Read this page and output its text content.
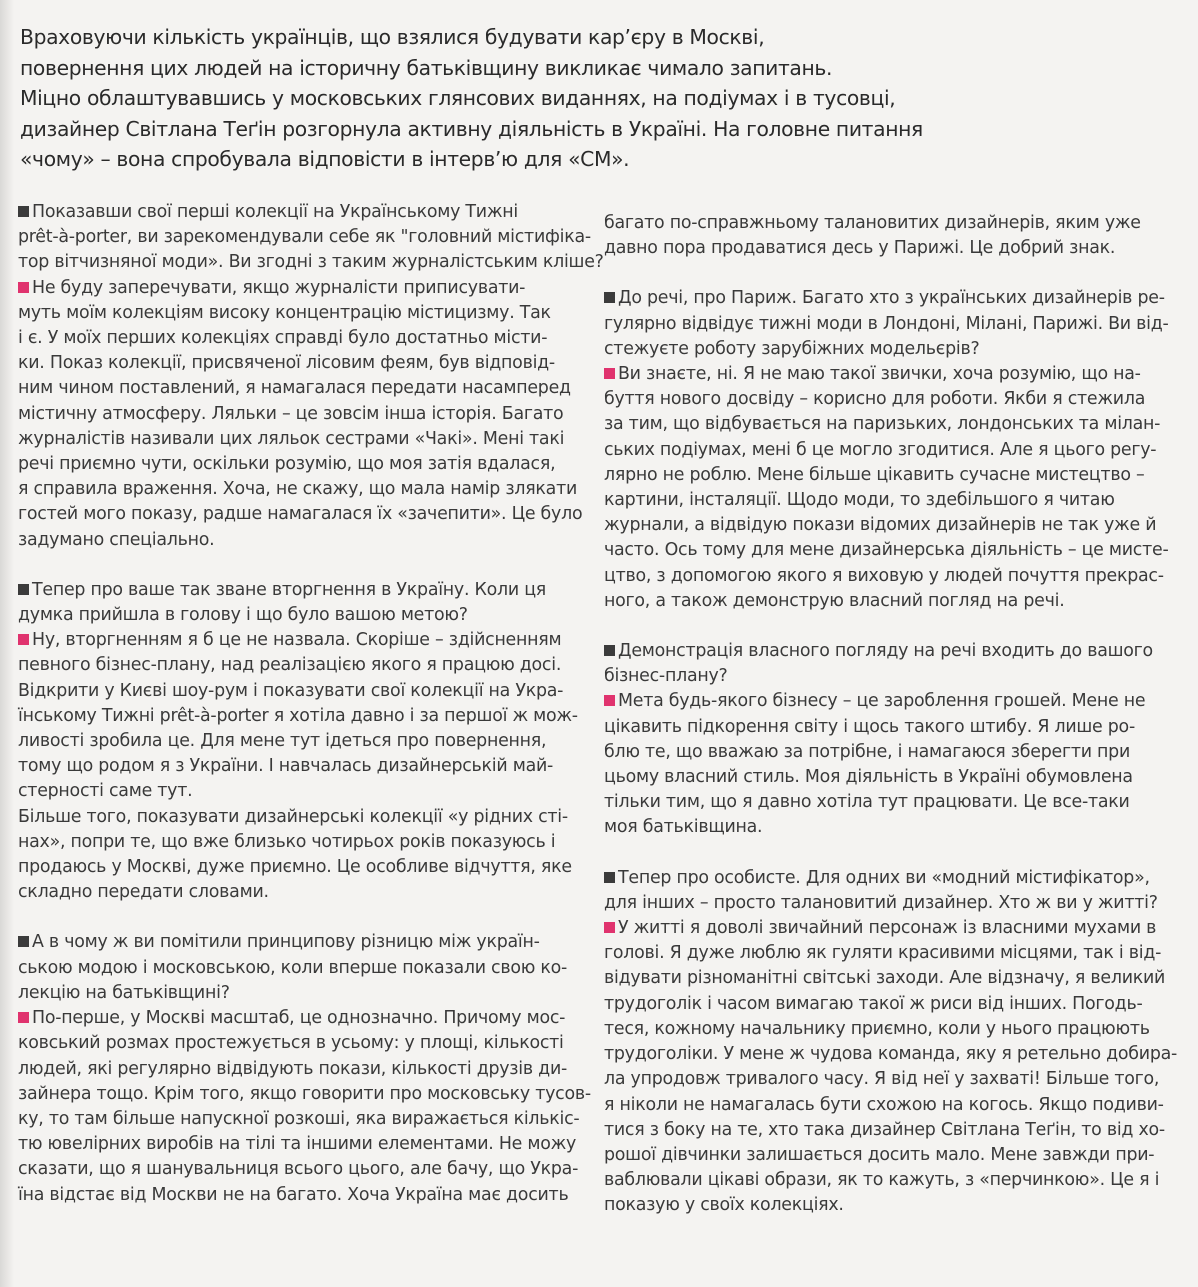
Враховуючи кількість українців, що взялися будувати кар’єру в Москві,
повернення цих людей на історичну батьківщину викликає чимало запитань.
Міцно облаштувавшись у московських глянсових виданнях, на подіумах і в тусовці,
дизайнер Світлана Теґін розгорнула активну діяльність в Україні. На головне питання
«чому» – вона спробувала відповісти в інтерв’ю для «СМ».
Показавши свої перші колекції на Українському Тижні
prêt-à-porter, ви зарекомендували себе як "головний містифіка-
тор вітчизняної моди». Ви згодні з таким журналістським кліше?
Не буду заперечувати, якщо журналісти приписувати-
муть моїм колекціям високу концентрацію містицизму. Так
і є. У моїх перших колекціях справді було достатньо місти-
ки. Показ колекції, присвяченої лісовим феям, був відповід-
ним чином поставлений, я намагалася передати насамперед
містичну атмосферу. Ляльки – це зовсім інша історія. Багато
журналістів називали цих ляльок сестрами «Чакі». Мені такі
речі приємно чути, оскільки розумію, що моя затія вдалася,
я справила враження. Хоча, не скажу, що мала намір злякати
гостей мого показу, радше намагалася їх «зачепити». Це було
задумано спеціально.
Тепер про ваше так зване вторгнення в Україну. Коли ця
думка прийшла в голову і що було вашою метою?
Ну, вторгненням я б це не назвала. Скоріше – здійсненням
певного бізнес-плану, над реалізацією якого я працюю досі.
Відкрити у Києві шоу-рум і показувати свої колекції на Укра-
їнському Тижні prêt-à-porter я хотіла давно і за першої ж мож-
ливості зробила це. Для мене тут ідеться про повернення,
тому що родом я з України. І навчалась дизайнерській май-
стерності саме тут.
Більше того, показувати дизайнерські колекції «у рідних сті-
нах», попри те, що вже близько чотирьох років показуюсь і
продаюсь у Москві, дуже приємно. Це особливе відчуття, яке
складно передати словами.
А в чому ж ви помітили принципову різницю між україн-
ською модою і московською, коли вперше показали свою ко-
лекцію на батьківщині?
По-перше, у Москві масштаб, це однозначно. Причому мос-
ковський розмах простежується в усьому: у площі, кількості
людей, які регулярно відвідують покази, кількості друзів ди-
зайнера тощо. Крім того, якщо говорити про московську тусов-
ку, то там більше напускної розкоші, яка виражається кількіс-
тю ювелірних виробів на тілі та іншими елементами. Не можу
сказати, що я шанувальниця всього цього, але бачу, що Укра-
їна відстає від Москви не на багато. Хоча Україна має досить
багато по-справжньому талановитих дизайнерів, яким уже
давно пора продаватися десь у Парижі. Це добрий знак.
До речі, про Париж. Багато хто з українських дизайнерів ре-
гулярно відвідує тижні моди в Лондоні, Мілані, Парижі. Ви від-
стежуєте роботу зарубіжних модельєрів?
Ви знаєте, ні. Я не маю такої звички, хоча розумію, що на-
буття нового досвіду – корисно для роботи. Якби я стежила
за тим, що відбувається на паризьких, лондонських та мілан-
ських подіумах, мені б це могло згодитися. Але я цього регу-
лярно не роблю. Мене більше цікавить сучасне мистецтво –
картини, інсталяції. Щодо моди, то здебільшого я читаю
журнали, а відвідую покази відомих дизайнерів не так уже й
часто. Ось тому для мене дизайнерська діяльність – це мисте-
цтво, з допомогою якого я виховую у людей почуття прекрас-
ного, а також демонструю власний погляд на речі.
Демонстрація власного погляду на речі входить до вашого
бізнес-плану?
Мета будь-якого бізнесу – це зароблення грошей. Мене не
цікавить підкорення світу і щось такого штибу. Я лише ро-
блю те, що вважаю за потрібне, і намагаюся зберегти при
цьому власний стиль. Моя діяльність в Україні обумовлена
тільки тим, що я давно хотіла тут працювати. Це все-таки
моя батьківщина.
Тепер про особисте. Для одних ви «модний містифікатор»,
для інших – просто талановитий дизайнер. Хто ж ви у житті?
У житті я доволі звичайний персонаж із власними мухами в
голові. Я дуже люблю як гуляти красивими місцями, так і від-
відувати різноманітні світські заходи. Але відзначу, я великий
трудоголік і часом вимагаю такої ж риси від інших. Погодь-
теся, кожному начальнику приємно, коли у нього працюють
трудоголіки. У мене ж чудова команда, яку я ретельно добира-
ла упродовж тривалого часу. Я від неї у захваті! Більше того,
я ніколи не намагалась бути схожою на когось. Якщо подиви-
тися з боку на те, хто така дизайнер Світлана Теґін, то від хо-
рошої дівчинки залишається досить мало. Мене завжди при-
ваблювали цікаві образи, як то кажуть, з «перчинкою». Це я і
показую у своїх колекціях.
